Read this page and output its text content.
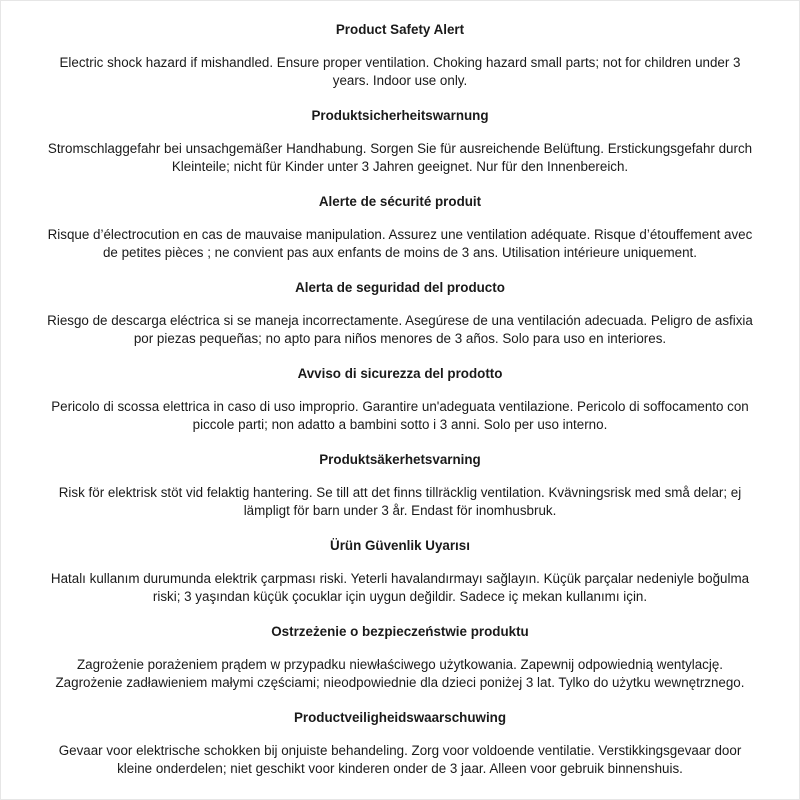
Product Safety Alert

Electric shock hazard if mishandled. Ensure proper ventilation. Choking hazard small parts; not for children under 3
years. Indoor use only.

Produktsicherheitswarnung

Stromschlaggefahr bei unsachgemäßer Handhabung. Sorgen Sie für ausreichende Belüftung. Erstickungsgefahr durch
Kleinteile; nicht für Kinder unter 3 Jahren geeignet. Nur für den Innenbereich.

Alerte de sécurité produit

Risque d’électrocution en cas de mauvaise manipulation. Assurez une ventilation adéquate. Risque d’étouffement avec
de petites pièces ; ne convient pas aux enfants de moins de 3 ans. Utilisation intérieure uniquement.

Alerta de seguridad del producto

Riesgo de descarga eléctrica si se maneja incorrectamente. Asegúrese de una ventilación adecuada. Peligro de asfixia
por piezas pequeñas; no apto para niños menores de 3 años. Solo para uso en interiores.

Avviso di sicurezza del prodotto

Pericolo di scossa elettrica in caso di uso improprio. Garantire un'adeguata ventilazione. Pericolo di soffocamento con
piccole parti; non adatto a bambini sotto i 3 anni. Solo per uso interno.

Produktsäkerhetsvarning

Risk för elektrisk stöt vid felaktig hantering. Se till att det finns tillräcklig ventilation. Kvävningsrisk med små delar; ej
lämpligt för barn under 3 år. Endast för inomhusbruk.

Ürün Güvenlik Uyarısı

Hatalı kullanım durumunda elektrik çarpması riski. Yeterli havalandırmayı sağlayın. Küçük parçalar nedeniyle boğulma
riski; 3 yaşından küçük çocuklar için uygun değildir. Sadece iç mekan kullanımı için.

Ostrzeżenie o bezpieczeństwie produktu

Zagrożenie porażeniem prądem w przypadku niewłaściwego użytkowania. Zapewnij odpowiednią wentylację.
Zagrożenie zadławieniem małymi częściami; nieodpowiednie dla dzieci poniżej 3 lat. Tylko do użytku wewnętrznego.

Productveiligheidswaarschuwing

Gevaar voor elektrische schokken bij onjuiste behandeling. Zorg voor voldoende ventilatie. Verstikkingsgevaar door
kleine onderdelen; niet geschikt voor kinderen onder de 3 jaar. Alleen voor gebruik binnenshuis.
